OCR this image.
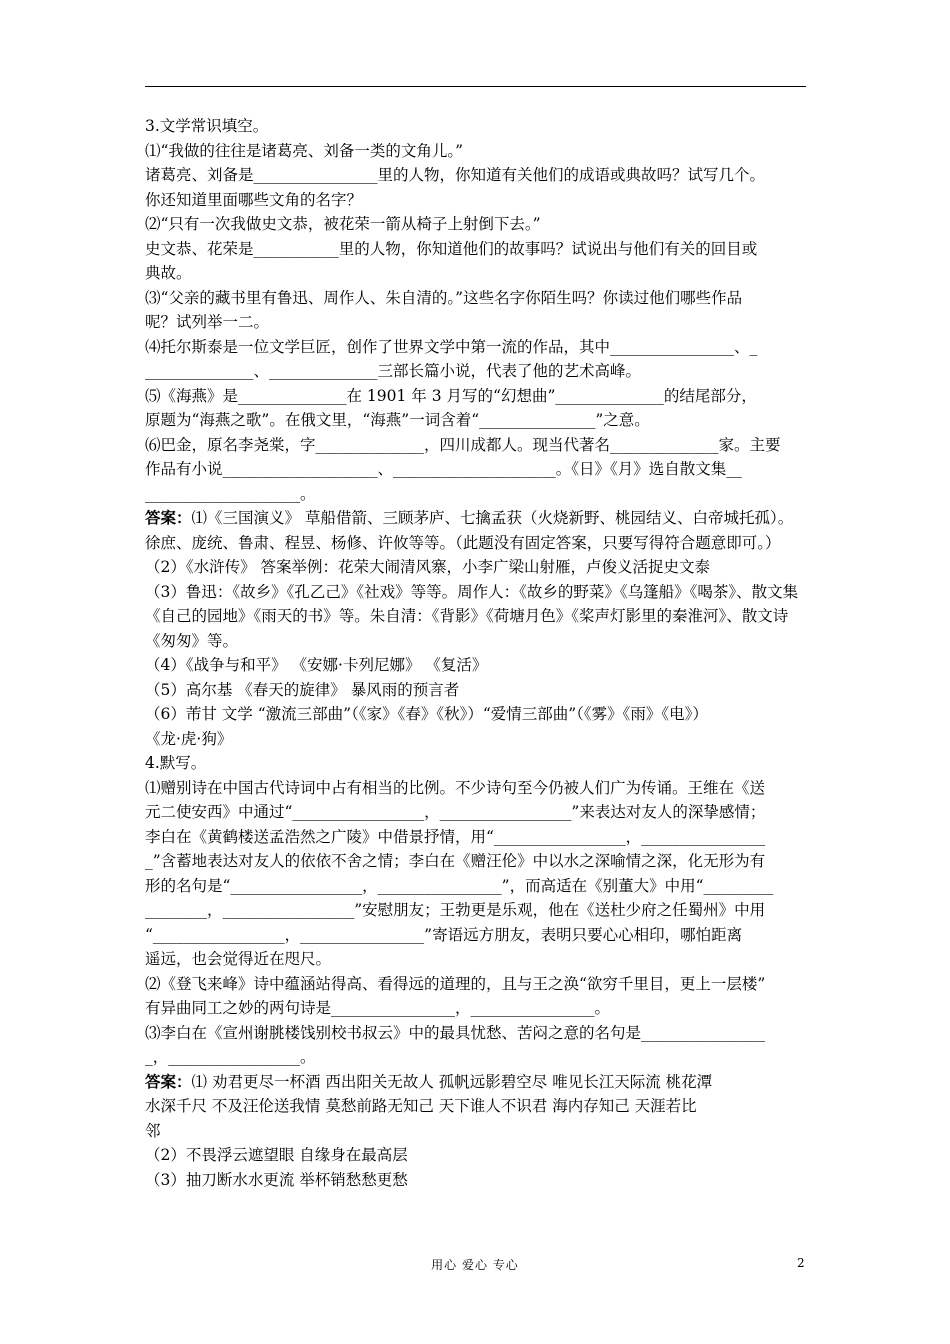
3.文学常识填空。
⑴“我做的往往是诸葛亮、刘备一类的文角儿。”
诸葛亮、刘备是________________里的人物，你知道有关他们的成语或典故吗？试写几个。
你还知道里面哪些文角的名字？
⑵“只有一次我做史文恭，被花荣一箭从椅子上射倒下去。”
史文恭、花荣是___________里的人物，你知道他们的故事吗？试说出与他们有关的回目或
典故。
⑶“父亲的藏书里有鲁迅、周作人、朱自清的。”这些名字你陌生吗？你读过他们哪些作品
呢？试列举一二。
⑷托尔斯泰是一位文学巨匠，创作了世界文学中第一流的作品，其中________________、_
______________、______________三部长篇小说，代表了他的艺术高峰。
⑸《海燕》是______________在 1901 年 3 月写的“幻想曲”______________的结尾部分，
原题为“海燕之歌”。在俄文里，“海燕”一词含着“_______________”之意。
⑹巴金，原名李尧棠，字______________，四川成都人。现当代著名______________家。主要
作品有小说____________________、_____________________。《日》《月》选自散文集__
____________________。
答案：⑴《三国演义》 草船借箭、三顾茅庐、七擒孟获（火烧新野、桃园结义、白帝城托孤）。
徐庶、庞统、鲁肃、程昱、杨修、许攸等等。（此题没有固定答案，只要写得符合题意即可。）
（2）《水浒传》 答案举例：花荣大闹清风寨，小李广梁山射雁，卢俊义活捉史文泰
（3）鲁迅：《故乡》《孔乙己》《社戏》等等。周作人：《故乡的野菜》《乌篷船》《喝茶》、散文集
《自己的园地》《雨天的书》等。朱自清：《背影》《荷塘月色》《桨声灯影里的秦淮河》、散文诗
《匆匆》等。
（4）《战争与和平》 《安娜·卡列尼娜》 《复活》
（5）高尔基 《春天的旋律》 暴风雨的预言者
（6）芾甘 文学 “激流三部曲”（《家》《春》《秋》）“爱情三部曲”（《雾》《雨》《电》）
《龙·虎·狗》
4.默写。
⑴赠别诗在中国古代诗词中占有相当的比例。不少诗句至今仍被人们广为传诵。王维在《送
元二使安西》中通过“_________________，_________________”来表达对友人的深挚感情；
李白在《黄鹤楼送孟浩然之广陵》中借景抒情，用“_________________，________________
_”含蓄地表达对友人的依依不舍之情；李白在《赠汪伦》中以水之深喻情之深，化无形为有
形的名句是“_________________，________________”，而高适在《别董大》中用“_________
________，_________________”安慰朋友；王勃更是乐观，他在《送杜少府之任蜀州》中用
“_________________，________________”寄语远方朋友，表明只要心心相印，哪怕距离
遥远，也会觉得近在咫尺。
⑵《登飞来峰》诗中蕴涵站得高、看得远的道理的，且与王之涣“欲穷千里目，更上一层楼”
有异曲同工之妙的两句诗是________________，________________。
⑶李白在《宣州谢朓楼饯别校书叔云》中的最具忧愁、苦闷之意的名句是________________
_，_________________。
答案：⑴ 劝君更尽一杯酒 西出阳关无故人 孤帆远影碧空尽 唯见长江天际流 桃花潭
水深千尺 不及汪伦送我情 莫愁前路无知己 天下谁人不识君 海内存知己 天涯若比
邻
（2）不畏浮云遮望眼 自缘身在最高层
（3）抽刀断水水更流 举杯销愁愁更愁
用心 爱心 专心	2
